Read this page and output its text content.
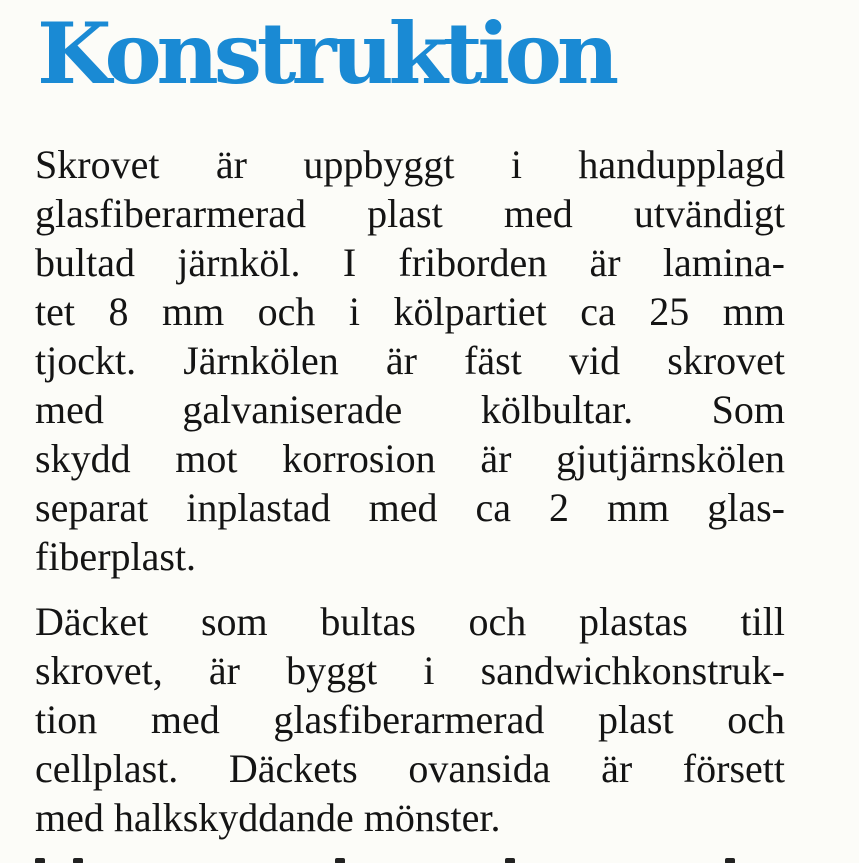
Konstruktion
Skrovet är uppbyggt i handupplagd
glasfiberarmerad plast med utvändigt
bultad järnköl. I friborden är lamina-
tet 8 mm och i kölpartiet ca 25 mm
tjockt. Järnkölen är fäst vid skrovet
med galvaniserade kölbultar. Som
skydd mot korrosion är gjutjärnskölen
separat inplastad med ca 2 mm glas-
fiberplast.
Däcket som bultas och plastas till
skrovet, är byggt i sandwichkonstruk-
tion med glasfiberarmerad plast och
cellplast. Däckets ovansida är försett
med halkskyddande mönster.
